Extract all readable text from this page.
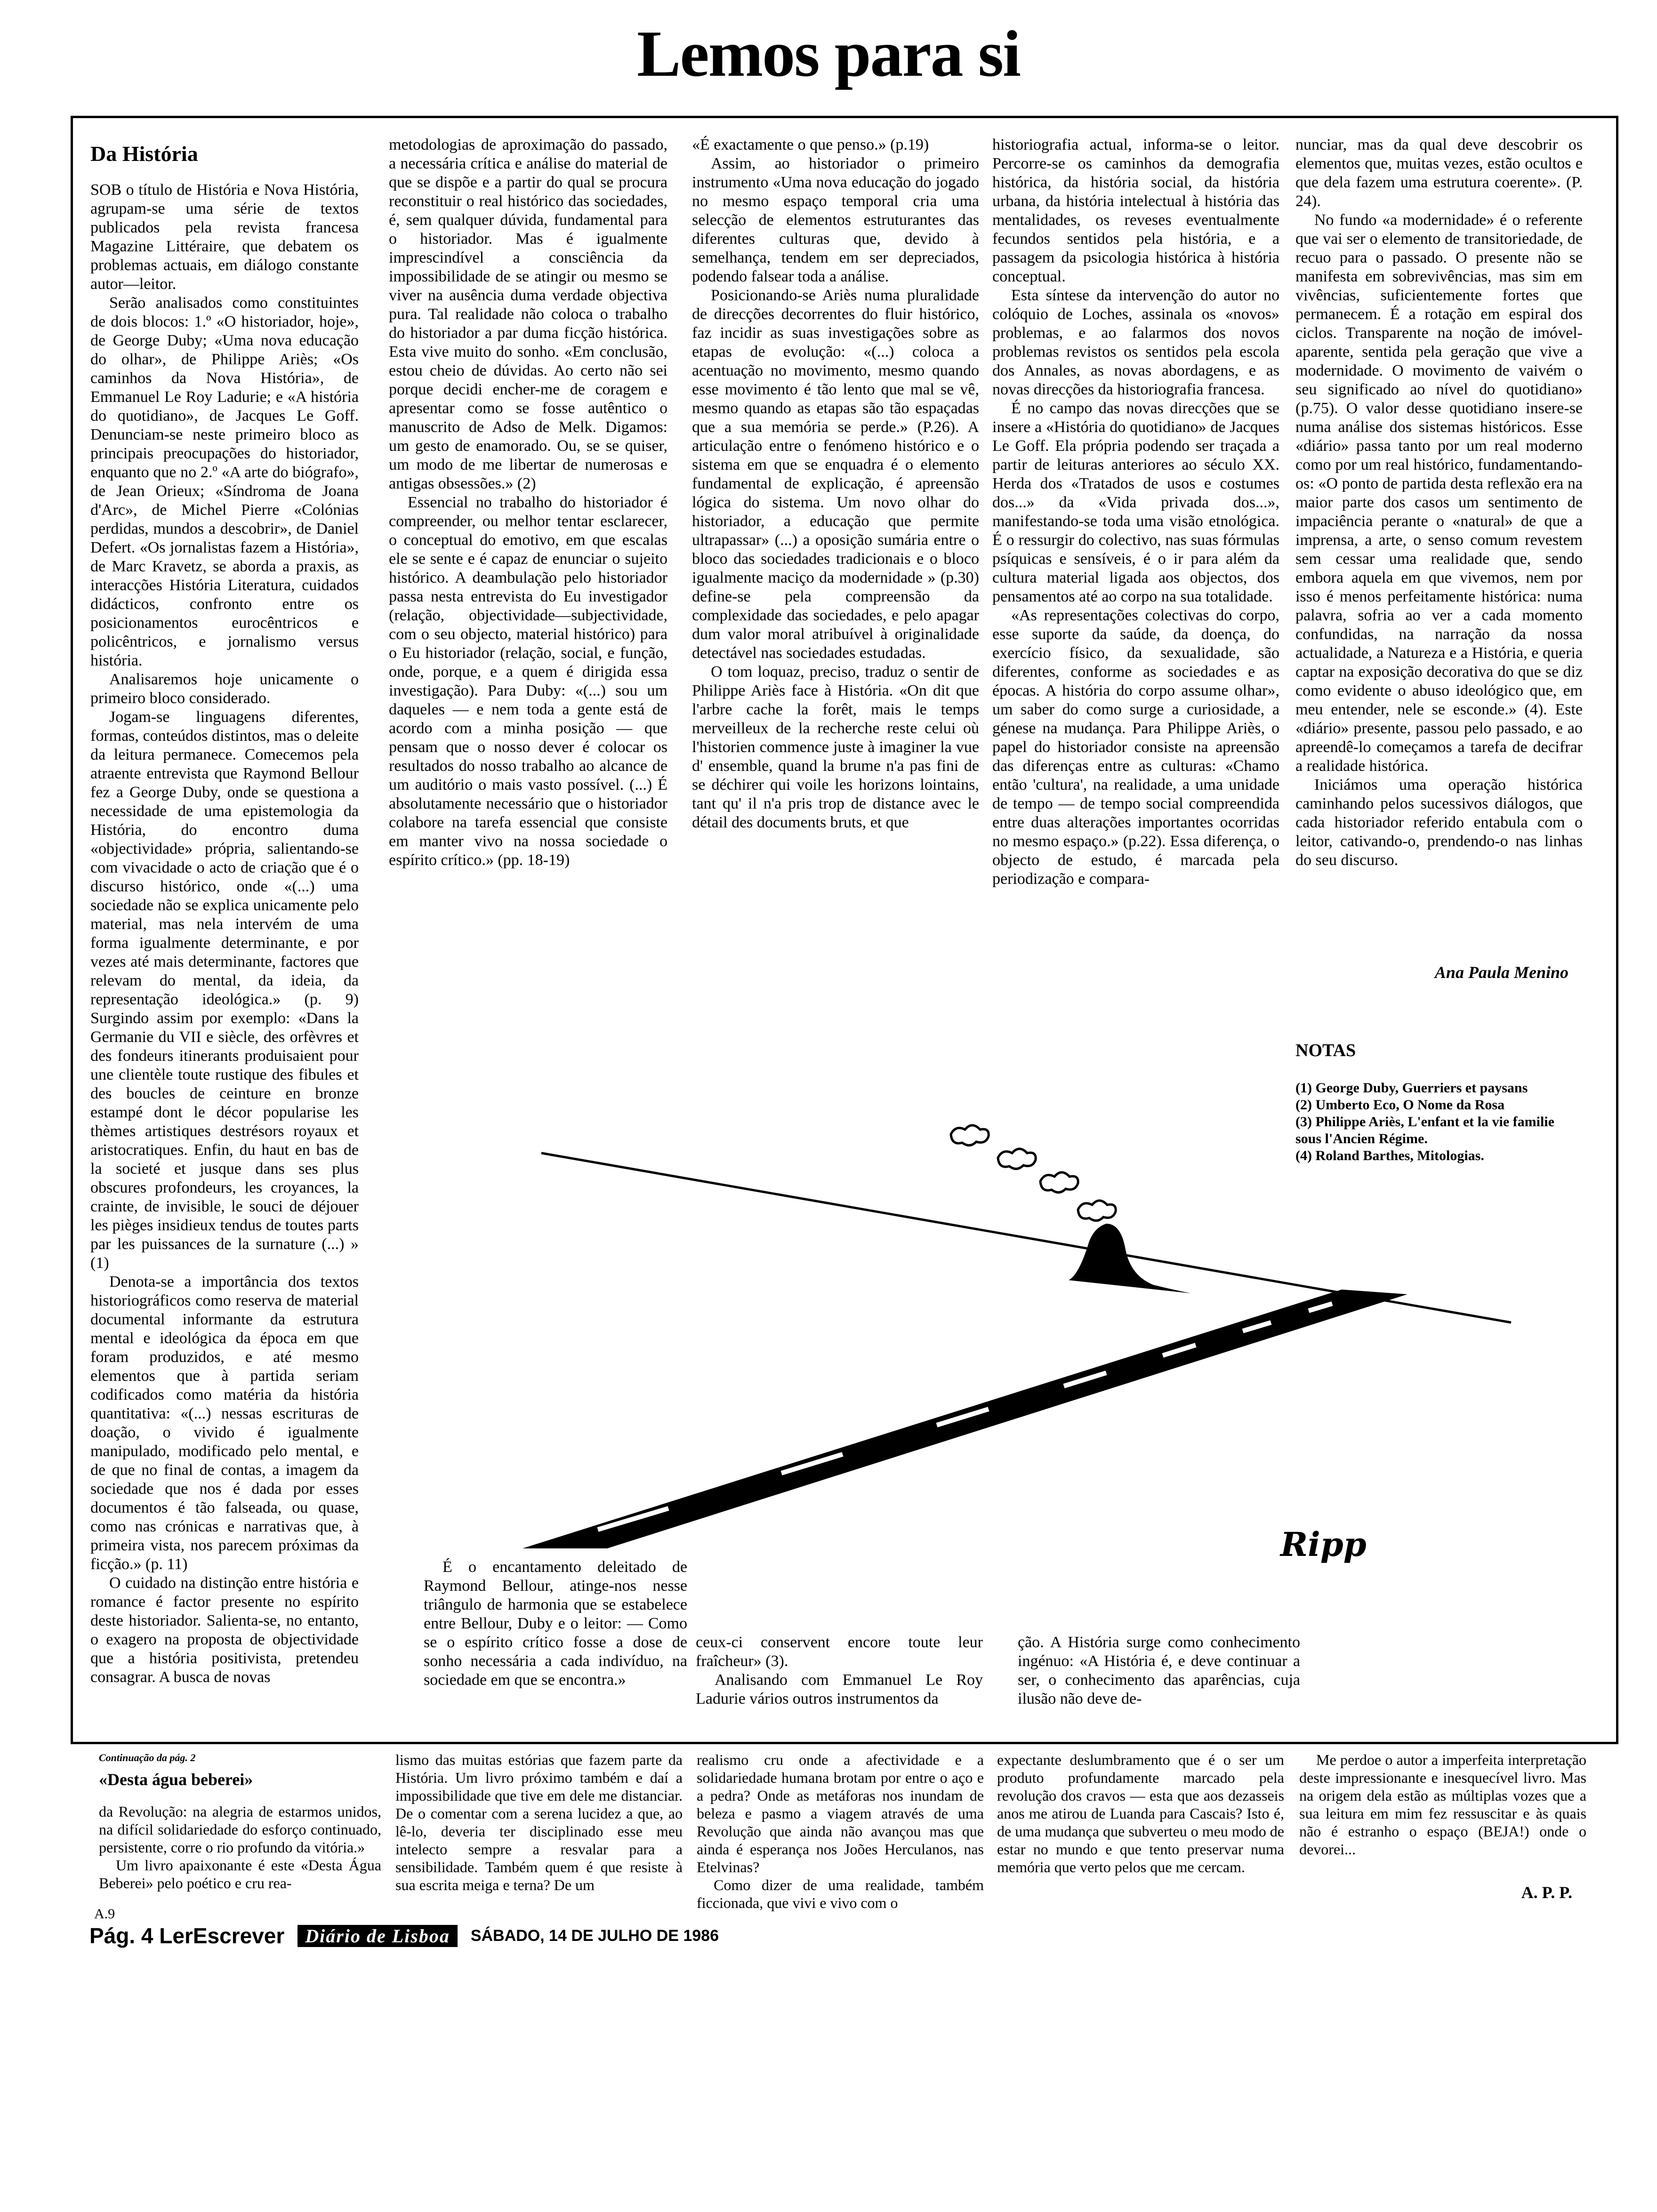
Lemos para si
Da História

SOB o título de História e Nova História, agrupam-se uma série de textos publicados pela revista francesa Magazine Littéraire, que debatem os problemas actuais, em diálogo constante autor—leitor.

Serão analisados como constituintes de dois blocos: 1.º «O historiador, hoje», de George Duby; «Uma nova educação do olhar», de Philippe Ariès; «Os caminhos da Nova História», de Emmanuel Le Roy Ladurie; e «A história do quotidiano», de Jacques Le Goff. Denunciam-se neste primeiro bloco as principais preocupações do historiador, enquanto que no 2.º «A arte do biógrafo», de Jean Orieux; «Síndroma de Joana d'Arc», de Michel Pierre «Colónias perdidas, mundos a descobrir», de Daniel Defert. «Os jornalistas fazem a História», de Marc Kravetz, se aborda a praxis, as interacções História Literatura, cuidados didácticos, confronto entre os posicionamentos eurocêntricos e policêntricos, e jornalismo versus história.

Analisaremos hoje unicamente o primeiro bloco considerado.

Jogam-se linguagens diferentes, formas, conteúdos distintos, mas o deleite da leitura permanece. Comecemos pela atraente entrevista que Raymond Bellour fez a George Duby, onde se questiona a necessidade de uma epistemologia da História, do encontro duma «objectividade» própria, salientando-se com vivacidade o acto de criação que é o discurso histórico, onde «(...) uma sociedade não se explica unicamente pelo material, mas nela intervém de uma forma igualmente determinante, e por vezes até mais determinante, factores que relevam do mental, da ideia, da representação ideológica.» (p. 9) Surgindo assim por exemplo: «Dans la Germanie du VII e siècle, des orfèvres et des fondeurs itinerants produisaient pour une clientèle toute rustique des fibules et des boucles de ceinture en bronze estampé dont le décor popularise les thèmes artistiques destrésors royaux et aristocratiques. Enfin, du haut en bas de la societé et jusque dans ses plus obscures profondeurs, les croyances, la crainte, de invisible, le souci de déjouer les pièges insidieux tendus de toutes parts par les puissances de la surnature (...) » (1)

Denota-se a importância dos textos historiográficos como reserva de material documental informante da estrutura mental e ideológica da época em que foram produzidos, e até mesmo elementos que à partida seriam codificados como matéria da história quantitativa: «(...) nessas escrituras de doação, o vivido é igualmente manipulado, modificado pelo mental, e de que no final de contas, a imagem da sociedade que nos é dada por esses documentos é tão falseada, ou quase, como nas crónicas e narrativas que, à primeira vista, nos parecem próximas da ficção.» (p. 11)

O cuidado na distinção entre história e romance é factor presente no espírito deste historiador. Salienta-se, no entanto, o exagero na proposta de objectividade que a história positivista, pretendeu consagrar. A busca de novas

metodologias de aproximação do passado, a necessária crítica e análise do material de que se dispõe e a partir do qual se procura reconstituir o real histórico das sociedades, é, sem qualquer dúvida, fundamental para o historiador. Mas é igualmente imprescindível a consciência da impossibilidade de se atingir ou mesmo se viver na ausência duma verdade objectiva pura. Tal realidade não coloca o trabalho do historiador a par duma ficção histórica. Esta vive muito do sonho. «Em conclusão, estou cheio de dúvidas. Ao certo não sei porque decidi encher-me de coragem e apresentar como se fosse autêntico o manuscrito de Adso de Melk. Digamos: um gesto de enamorado. Ou, se se quiser, um modo de me libertar de numerosas e antigas obsessões.» (2)

Essencial no trabalho do historiador é compreender, ou melhor tentar esclarecer, o conceptual do emotivo, em que escalas ele se sente e é capaz de enunciar o sujeito histórico. A deambulação pelo historiador passa nesta entrevista do Eu investigador (relação, objectividade—subjectividade, com o seu objecto, material histórico) para o Eu historiador (relação, social, e função, onde, porque, e a quem é dirigida essa investigação). Para Duby: «(...) sou um daqueles — e nem toda a gente está de acordo com a minha posição — que pensam que o nosso dever é colocar os resultados do nosso trabalho ao alcance de um auditório o mais vasto possível. (...) É absolutamente necessário que o historiador colabore na tarefa essencial que consiste em manter vivo na nossa sociedade o espírito crítico.» (pp. 18-19)

«É exactamente o que penso.» (p.19)

Assim, ao historiador o primeiro instrumento «Uma nova educação do jogado no mesmo espaço temporal cria uma selecção de elementos estruturantes das diferentes culturas que, devido à semelhança, tendem em ser depreciados, podendo falsear toda a análise.

Posicionando-se Ariès numa pluralidade de direcções decorrentes do fluir histórico, faz incidir as suas investigações sobre as etapas de evolução: «(...) coloca a acentuação no movimento, mesmo quando esse movimento é tão lento que mal se vê, mesmo quando as etapas são tão espaçadas que a sua memória se perde.» (P.26). A articulação entre o fenómeno histórico e o sistema em que se enquadra é o elemento fundamental de explicação, é apreensão lógica do sistema. Um novo olhar do historiador, a educação que permite ultrapassar» (...) a oposição sumária entre o bloco das sociedades tradicionais e o bloco igualmente maciço da modernidade » (p.30) define-se pela compreensão da complexidade das sociedades, e pelo apagar dum valor moral atribuível à originalidade detectável nas sociedades estudadas.

O tom loquaz, preciso, traduz o sentir de Philippe Ariès face à História. «On dit que l'arbre cache la forêt, mais le temps merveilleux de la recherche reste celui où l'historien commence juste à imaginer la vue d' ensemble, quand la brume n'a pas fini de se déchirer qui voile les horizons lointains, tant qu' il n'a pris trop de distance avec le détail des documents bruts, et que

historiografia actual, informa-se o leitor. Percorre-se os caminhos da demografia histórica, da história social, da história urbana, da história intelectual à história das mentalidades, os reveses eventualmente fecundos sentidos pela história, e a passagem da psicologia histórica à história conceptual.

Esta síntese da intervenção do autor no colóquio de Loches, assinala os «novos» problemas, e ao falarmos dos novos problemas revistos os sentidos pela escola dos Annales, as novas abordagens, e as novas direcções da historiografia francesa.

É no campo das novas direcções que se insere a «História do quotidiano» de Jacques Le Goff. Ela própria podendo ser traçada a partir de leituras anteriores ao século XX. Herda dos «Tratados de usos e costumes dos...» da «Vida privada dos...», manifestando-se toda uma visão etnológica. É o ressurgir do colectivo, nas suas fórmulas psíquicas e sensíveis, é o ir para além da cultura material ligada aos objectos, dos pensamentos até ao corpo na sua totalidade.

«As representações colectivas do corpo, esse suporte da saúde, da doença, do exercício físico, da sexualidade, são diferentes, conforme as sociedades e as épocas. A história do corpo assume olhar», um saber do como surge a curiosidade, a génese na mudança. Para Philippe Ariès, o papel do historiador consiste na apreensão das diferenças entre as culturas: «Chamo então 'cultura', na realidade, a uma unidade de tempo — de tempo social compreendida entre duas alterações importantes ocorridas no mesmo espaço.» (p.22). Essa diferença, o objecto de estudo, é marcada pela periodização e compara-

nunciar, mas da qual deve descobrir os elementos que, muitas vezes, estão ocultos e que dela fazem uma estrutura coerente». (P. 24).

No fundo «a modernidade» é o referente que vai ser o elemento de transitoriedade, de recuo para o passado. O presente não se manifesta em sobrevivências, mas sim em vivências, suficientemente fortes que permanecem. É a rotação em espiral dos ciclos. Transparente na noção de imóvel-aparente, sentida pela geração que vive a modernidade. O movimento de vaivém o seu significado ao nível do quotidiano» (p.75). O valor desse quotidiano insere-se numa análise dos sistemas históricos. Esse «diário» passa tanto por um real moderno como por um real histórico, fundamentando-os: «O ponto de partida desta reflexão era na maior parte dos casos um sentimento de impaciência perante o «natural» de que a imprensa, a arte, o senso comum revestem sem cessar uma realidade que, sendo embora aquela em que vivemos, nem por isso é menos perfeitamente histórica: numa palavra, sofria ao ver a cada momento confundidas, na narração da nossa actualidade, a Natureza e a História, e queria captar na exposição decorativa do que se diz como evidente o abuso ideológico que, em meu entender, nele se esconde.» (4). Este «diário» presente, passou pelo passado, e ao apreendê-lo começamos a tarefa de decifrar a realidade histórica.

Iniciámos uma operação histórica caminhando pelos sucessivos diálogos, que cada historiador referido entabula com o leitor, cativando-o, prendendo-o nas linhas do seu discurso.

Ana Paula Menino
NOTAS
(1) George Duby, Guerriers et paysans
(2) Umberto Eco, O Nome da Rosa
(3) Philippe Ariès, L'enfant et la vie familie sous l'Ancien Régime.
(4) Roland Barthes, Mitologias.
Ripp

É o encantamento deleitado de Raymond Bellour, atinge-nos nesse triângulo de harmonia que se estabelece entre Bellour, Duby e o leitor: — Como se o espírito crítico fosse a dose de sonho necessária a cada indivíduo, na sociedade em que se encontra.»

ceux-ci conservent encore toute leur fraîcheur» (3).

Analisando com Emmanuel Le Roy Ladurie vários outros instrumentos da

ção. A História surge como conhecimento ingénuo: «A História é, e deve continuar a ser, o conhecimento das aparências, cuja ilusão não deve de-

Continuação da pág. 2
«Desta água beberei»

da Revolução: na alegria de estarmos unidos, na difícil solidariedade do esforço continuado, persistente, corre o rio profundo da vitória.»

Um livro apaixonante é este «Desta Água Beberei» pelo poético e cru rea-

lismo das muitas estórias que fazem parte da História. Um livro próximo também e daí a impossibilidade que tive em dele me distanciar. De o comentar com a serena lucidez a que, ao lê-lo, deveria ter disciplinado esse meu intelecto sempre a resvalar para a sensibilidade. Também quem é que resiste à sua escrita meiga e terna? De um

realismo cru onde a afectividade e a solidariedade humana brotam por entre o aço e a pedra? Onde as metáforas nos inundam de beleza e pasmo a viagem através de uma Revolução que ainda não avançou mas que ainda é esperança nos Joões Herculanos, nas Etelvinas?

Como dizer de uma realidade, também ficcionada, que vivi e vivo com o

expectante deslumbramento que é o ser um produto profundamente marcado pela revolução dos cravos — esta que aos dezasseis anos me atirou de Luanda para Cascais? Isto é, de uma mudança que subverteu o meu modo de estar no mundo e que tento preservar numa memória que verto pelos que me cercam.

Me perdoe o autor a imperfeita interpretação deste impressionante e inesquecível livro. Mas na origem dela estão as múltiplas vozes que a sua leitura em mim fez ressuscitar e às quais não é estranho o espaço (BEJA!) onde o devorei...

A. P. P.
A.9
Pág. 4 LerEscrever	Diário de Lisboa	SÁBADO, 14 DE JULHO DE 1986
